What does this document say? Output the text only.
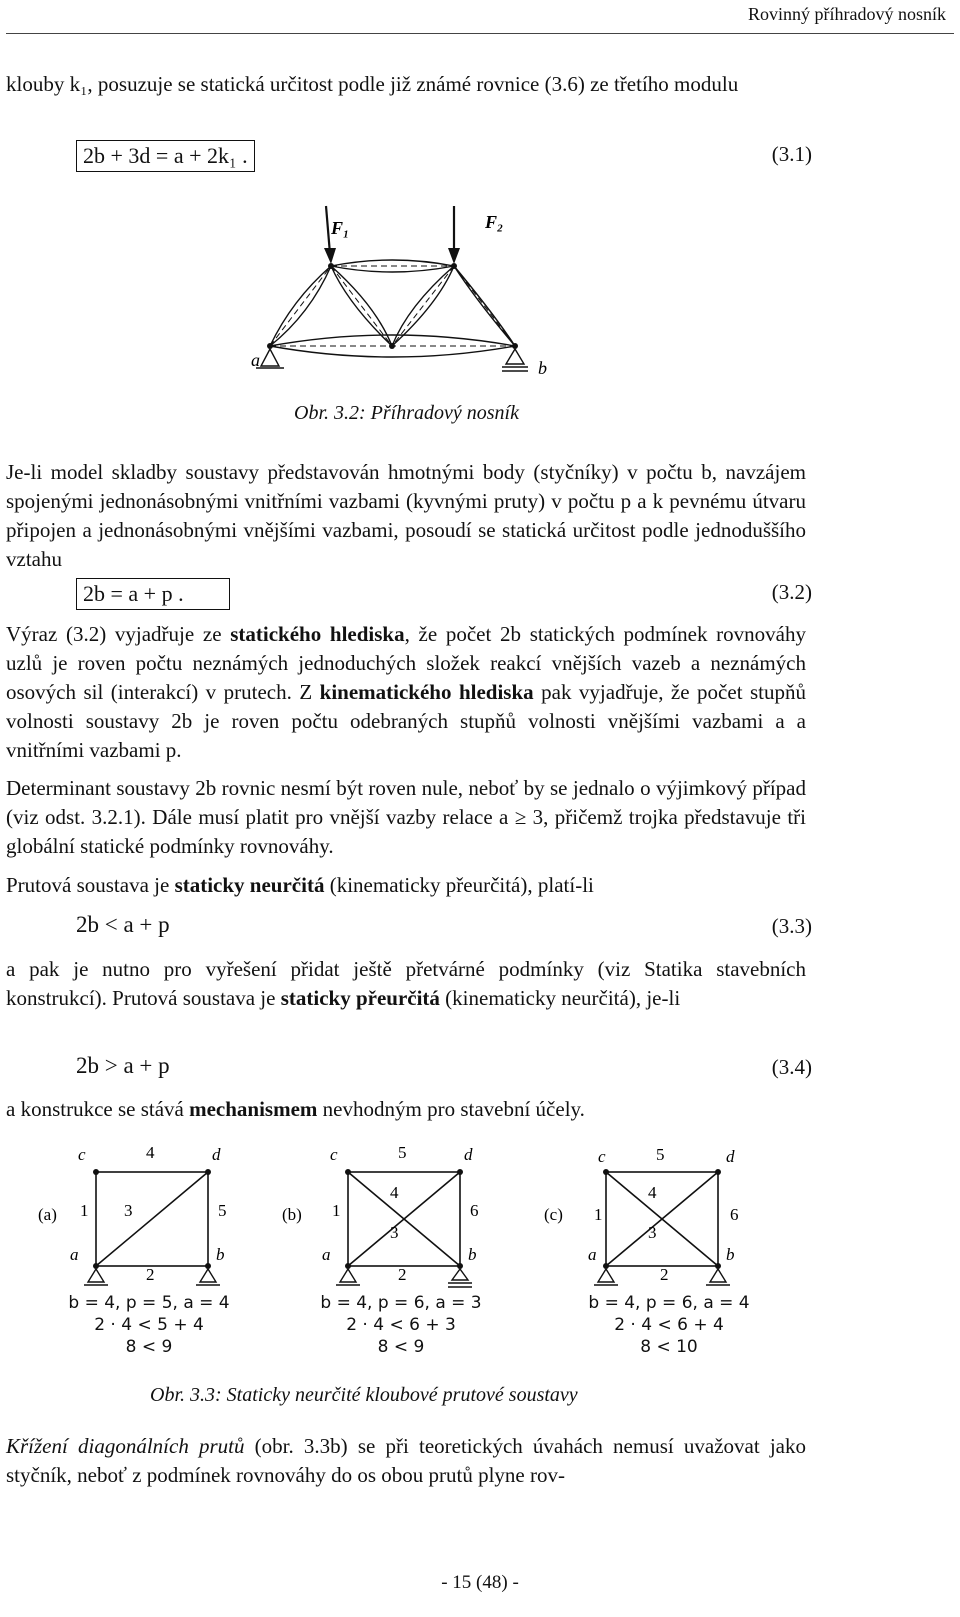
Rovinný příhradový nosník
klouby k₁, posuzuje se statická určitost podle již známé rovnice (3.6) ze třetího modulu
2b + 3d = a + 2k₁ .	(3.1)
F₁	F₂
a	b
Obr. 3.2: Příhradový nosník
Je-li model skladby soustavy představován hmotnými body (styčníky) v počtu b, navzájem spojenými jednonásobnými vnitřními vazbami (kyvnými pruty) v počtu p a k pevnému útvaru připojen a jednonásobnými vnějšími vazbami, posoudí se statická určitost podle jednoduššího vztahu
2b = a + p .	(3.2)
Výraz (3.2) vyjadřuje ze statického hlediska, že počet 2b statických podmínek rovnováhy uzlů je roven počtu neznámých jednoduchých složek reakcí vnějších vazeb a neznámých osových sil (interakcí) v prutech. Z kinematického hlediska pak vyjadřuje, že počet stupňů volnosti soustavy 2b je roven počtu odebraných stupňů volnosti vnějšími vazbami a a vnitřními vazbami p.
Determinant soustavy 2b rovnic nesmí být roven nule, neboť by se jednalo o výjimkový případ (viz odst. 3.2.1). Dále musí platit pro vnější vazby relace a ≥ 3, přičemž trojka představuje tři globální statické podmínky rovnováhy.
Prutová soustava je staticky neurčitá (kinematicky přeurčitá), platí-li
2b < a + p	(3.3)
a pak je nutno pro vyřešení přidat ještě přetvárné podmínky (viz Statika stavebních konstrukcí). Prutová soustava je staticky přeurčitá (kinematicky neurčitá), je-li
2b > a + p	(3.4)
a konstrukce se stává mechanismem nevhodným pro stavební účely.
c	d
a	b
4
1 3	5
2
(a)
c	d
a	b
5
1
4
3
6
2
(b)
c	d
a	b
5
1
4
3
6
2
(c)
b = 4, p = 5, a = 4
2 · 4 < 5 + 4
8 < 9
b = 4, p = 6, a = 3
2 · 4 < 6 + 3
8 < 9
b = 4, p = 6, a = 4
2 · 4 < 6 + 4
8 < 10
Obr. 3.3: Staticky neurčité kloubové prutové soustavy
Křížení diagonálních prutů (obr. 3.3b) se při teoretických úvahách nemusí uvažovat jako styčník, neboť z podmínek rovnováhy do os obou prutů plyne rov-
- 15 (48) -
